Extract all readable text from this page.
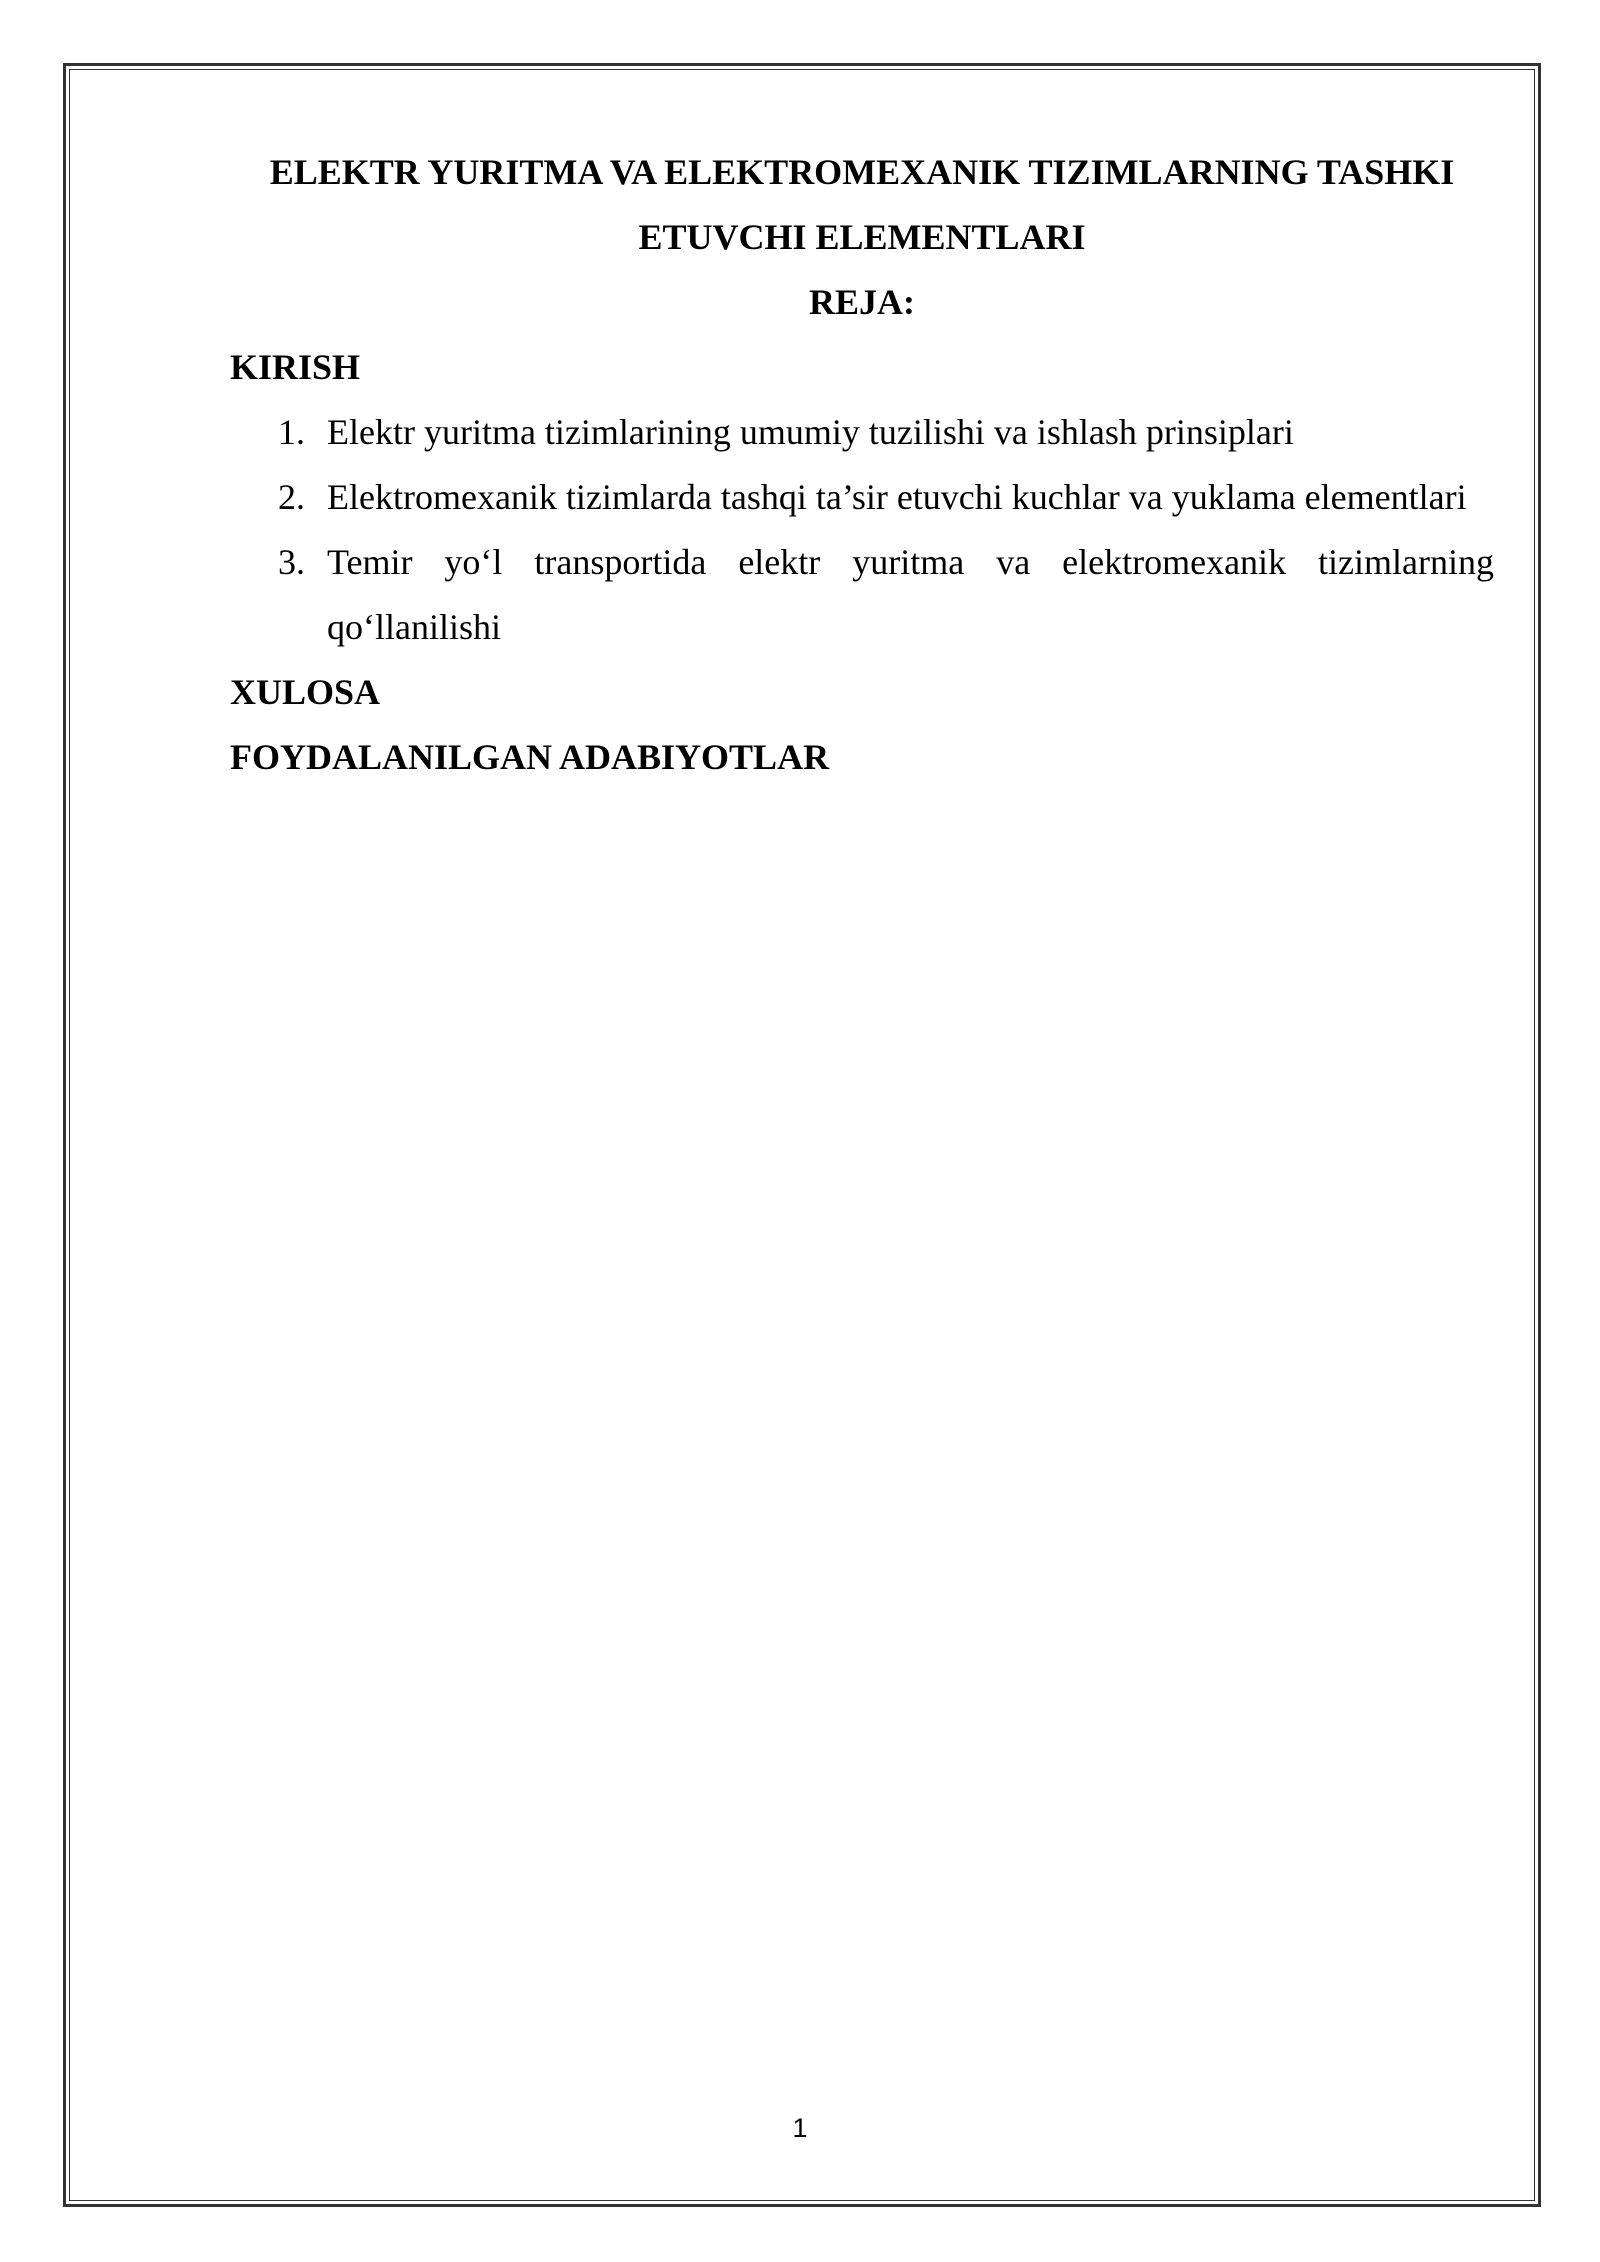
ELEKTR YURITMA VA ELEKTROMEXANIK TIZIMLARNING TASHKI
ETUVCHI ELEMENTLARI

REJA:

KIRISH

1. Elektr yuritma tizimlarining umumiy tuzilishi va ishlash prinsiplari
2. Elektromexanik tizimlarda tashqi ta’sir etuvchi kuchlar va yuklama elementlari
3. Temir yo‘l transportida elektr yuritma va elektromexanik tizimlarning qo‘llanilishi

XULOSA

FOYDALANILGAN ADABIYOTLAR

1
